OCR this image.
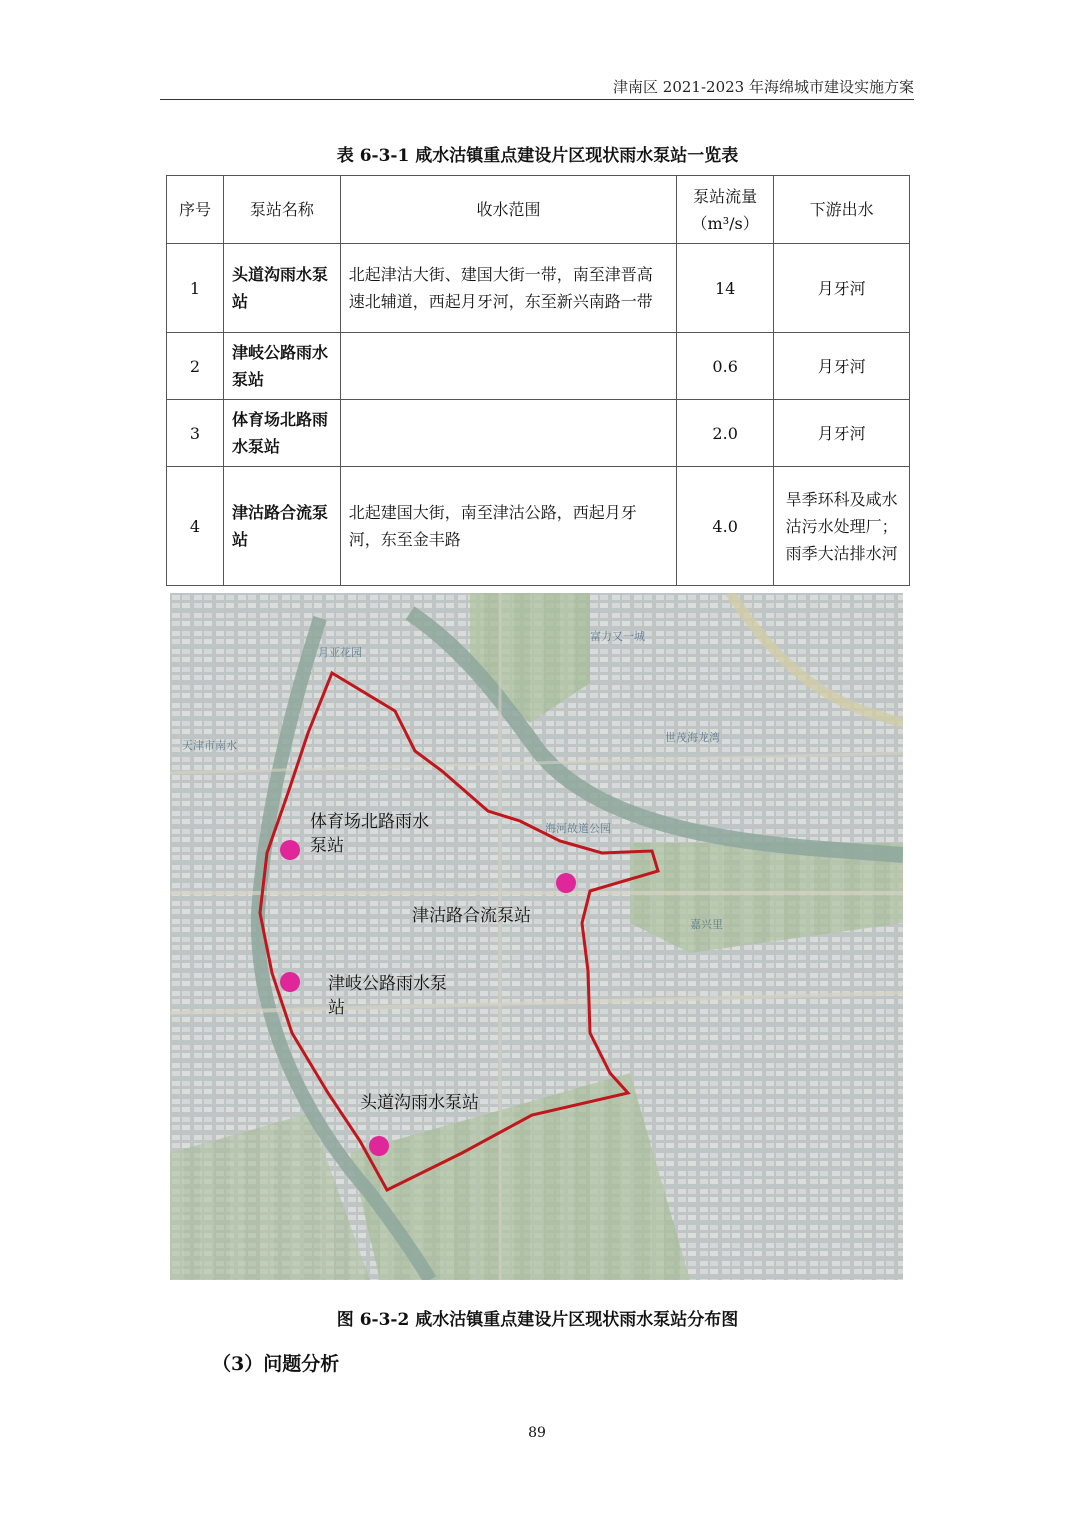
津南区 2021-2023 年海绵城市建设实施方案
表 6-3-1 咸水沽镇重点建设片区现状雨水泵站一览表
序号	泵站名称	收水范围	泵站流量（m³/s）	下游出水
1	头道沟雨水泵站	北起津沽大街、建国大街一带，南至津晋高速北辅道，西起月牙河，东至新兴南路一带	14	月牙河
2	津岐公路雨水泵站		0.6	月牙河
3	体育场北路雨水泵站		2.0	月牙河
4	津沽路合流泵站	北起建国大街，南至津沽公路，西起月牙河，东至金丰路	4.0	旱季环科及咸水沽污水处理厂；雨季大沽排水河
海河故道公园
月亚花园
世茂海龙湾
富力又一城
天津市南水
嘉兴里
体育场北路雨水
泵站
津沽路合流泵站
津岐公路雨水泵
站
头道沟雨水泵站
图 6-3-2 咸水沽镇重点建设片区现状雨水泵站分布图
（3）问题分析
89
